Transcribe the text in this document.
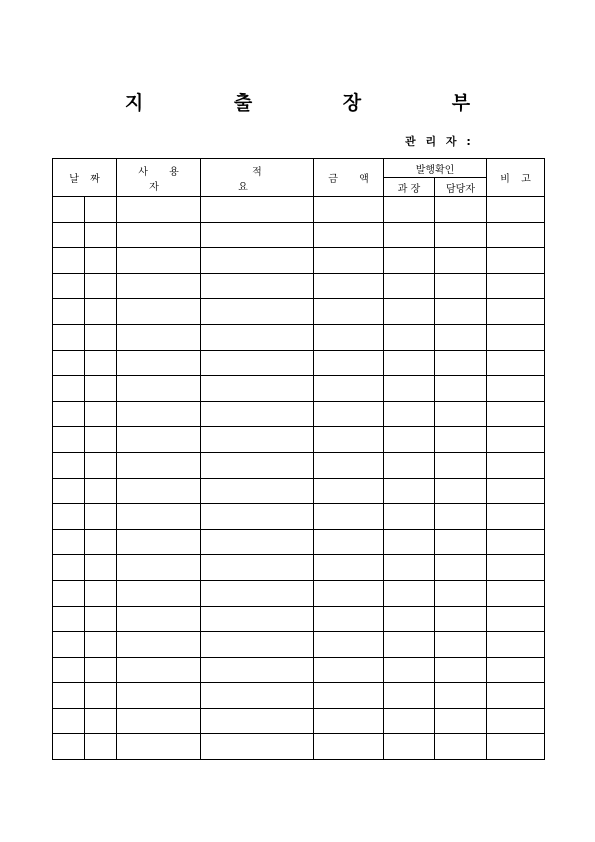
지 출 장 부
관 리 자 :
날 짜		사 용 자	적 요	금 액	발행확인		비 고
					과 장	담당자	
